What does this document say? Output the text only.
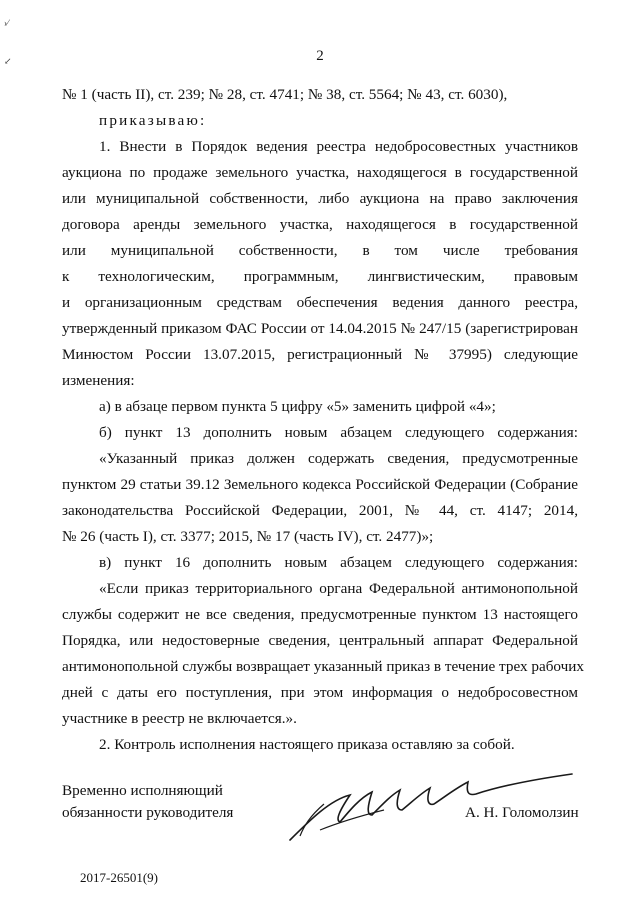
›⁄
↙	2
№ 1 (часть II), ст. 239; № 28, ст. 4741; № 38, ст. 5564; № 43, ст. 6030),
приказываю:
1. Внести в Порядок ведения реестра недобросовестных участников
аукциона по продаже земельного участка, находящегося в государственной
или муниципальной собственности, либо аукциона на право заключения
договора аренды земельного участка, находящегося в государственной
или муниципальной собственности, в том числе требования
к технологическим, программным, лингвистическим, правовым
и организационным средствам обеспечения ведения данного реестра,
утвержденный приказом ФАС России от 14.04.2015 № 247/15 (зарегистрирован
Минюстом России 13.07.2015, регистрационный № 37995) следующие
изменения:
а) в абзаце первом пункта 5 цифру «5» заменить цифрой «4»;
б) пункт 13 дополнить новым абзацем следующего содержания:
«Указанный приказ должен содержать сведения, предусмотренные
пунктом 29 статьи 39.12 Земельного кодекса Российской Федерации (Собрание
законодательства Российской Федерации, 2001, № 44, ст. 4147; 2014,
№ 26 (часть I), ст. 3377; 2015, № 17 (часть IV), ст. 2477)»;
в) пункт 16 дополнить новым абзацем следующего содержания:
«Если приказ территориального органа Федеральной антимонопольной
службы содержит не все сведения, предусмотренные пунктом 13 настоящего
Порядка, или недостоверные сведения, центральный аппарат Федеральной
антимонопольной службы возвращает указанный приказ в течение трех рабочих
дней с даты его поступления, при этом информация о недобросовестном
участнике в реестр не включается.».
2. Контроль исполнения настоящего приказа оставляю за собой.
Временно исполняющий
обязанности руководителя	А. Н. Голомолзин
2017-26501(9)
